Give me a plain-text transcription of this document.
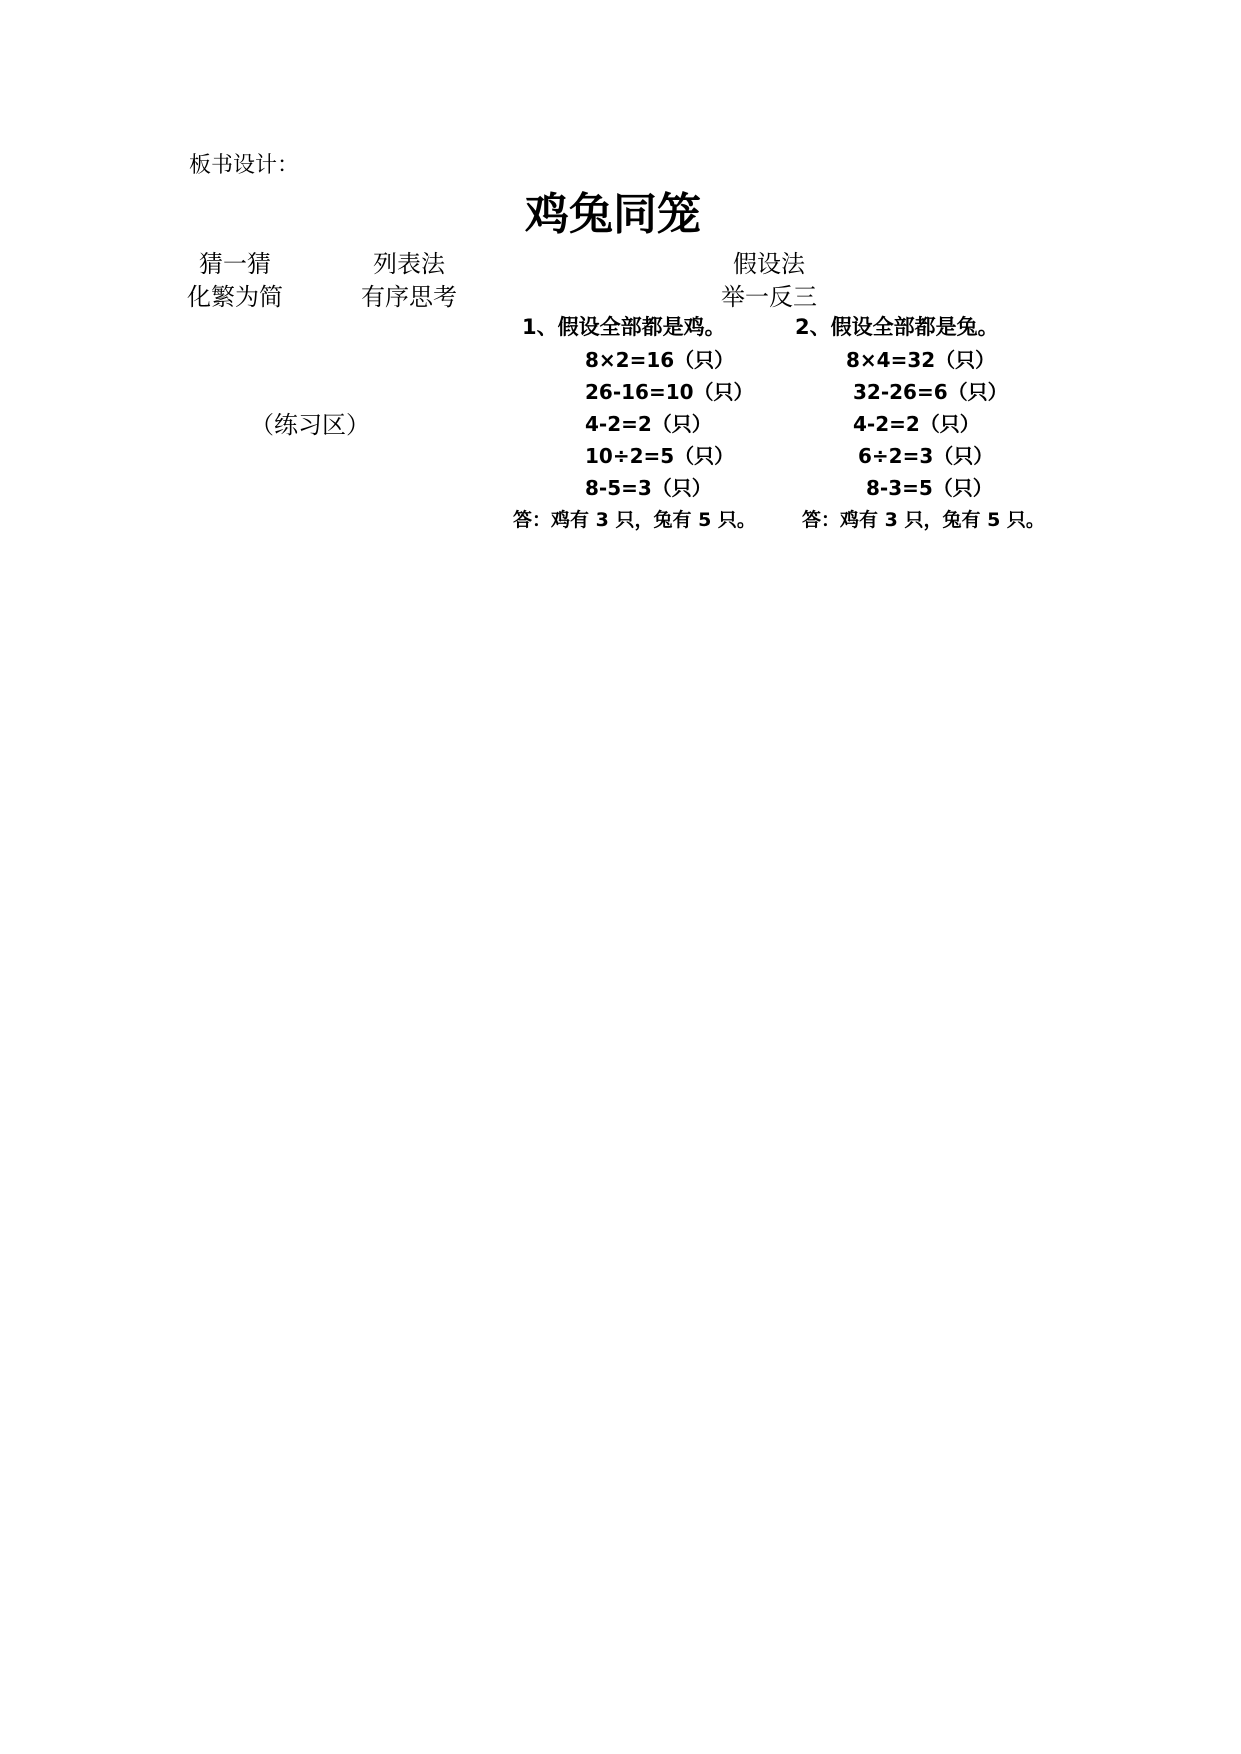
板书设计：
鸡兔同笼
猜一猜	列表法	假设法
化繁为简	有序思考	举一反三
（练习区）
1、假设全部都是鸡。
8×2=16（只）
26-16=10（只）
4-2=2（只）
10÷2=5（只）
8-5=3（只）
答：鸡有 3 只，兔有 5 只。
2、假设全部都是兔。
8×4=32（只）
32-26=6（只）
4-2=2（只）
6÷2=3（只）
8-3=5（只）
答：鸡有 3 只，兔有 5 只。
